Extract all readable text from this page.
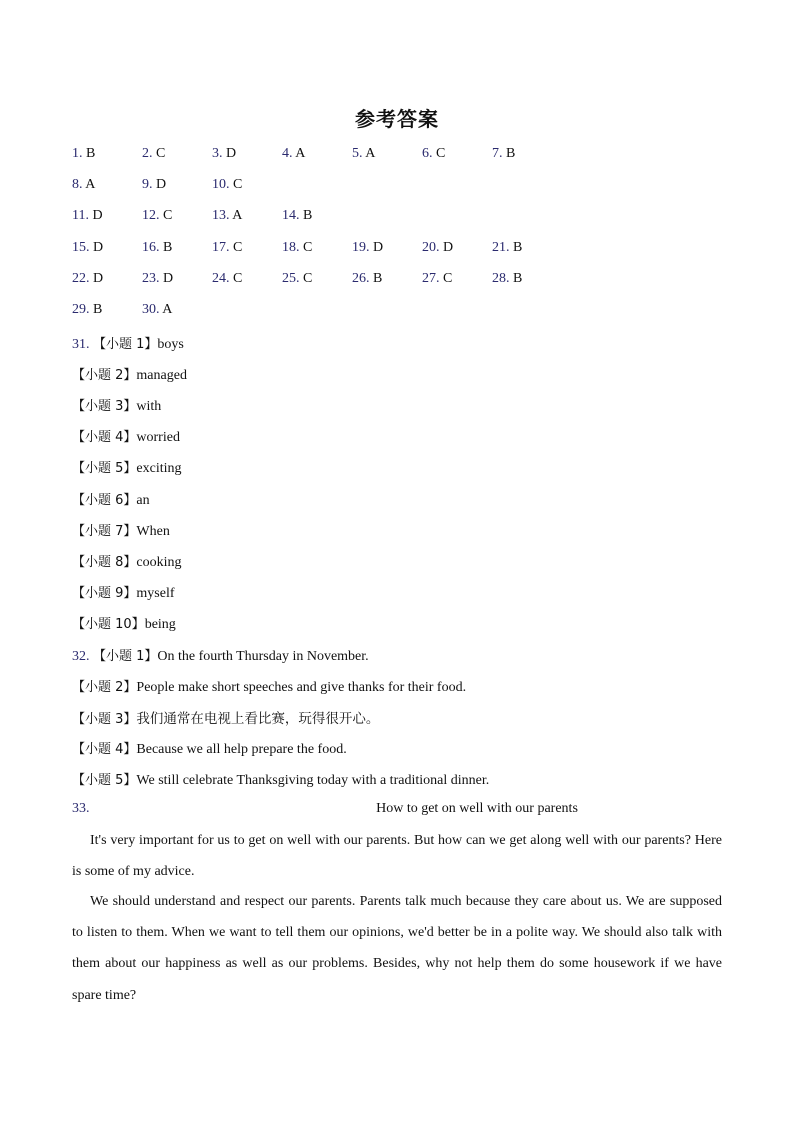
参考答案
1. B	2. C	3. D	4. A	5. A	6. C	7. B
8. A	9. D	10. C
11. D	12. C	13. A	14. B
15. D	16. B	17. C	18. C	19. D	20. D	21. B
22. D	23. D	24. C	25. C	26. B	27. C	28. B
29. B	30. A
31. 【小题 1】boys
【小题 2】managed
【小题 3】with
【小题 4】worried
【小题 5】exciting
【小题 6】an
【小题 7】When
【小题 8】cooking
【小题 9】myself
【小题 10】being
32. 【小题 1】On the fourth Thursday in November.
【小题 2】People make short speeches and give thanks for their food.
【小题 3】我们通常在电视上看比赛，玩得很开心。
【小题 4】Because we all help prepare the food.
【小题 5】We still celebrate Thanksgiving today with a traditional dinner.
33.	How to get on well with our parents
It's very important for us to get on well with our parents. But how can we get along well with our parents? Here is some of my advice.
We should understand and respect our parents. Parents talk much because they care about us. We are supposed to listen to them. When we want to tell them our opinions, we'd better be in a polite way. We should also talk with them about our happiness as well as our problems. Besides, why not help them do some housework if we have spare time?
